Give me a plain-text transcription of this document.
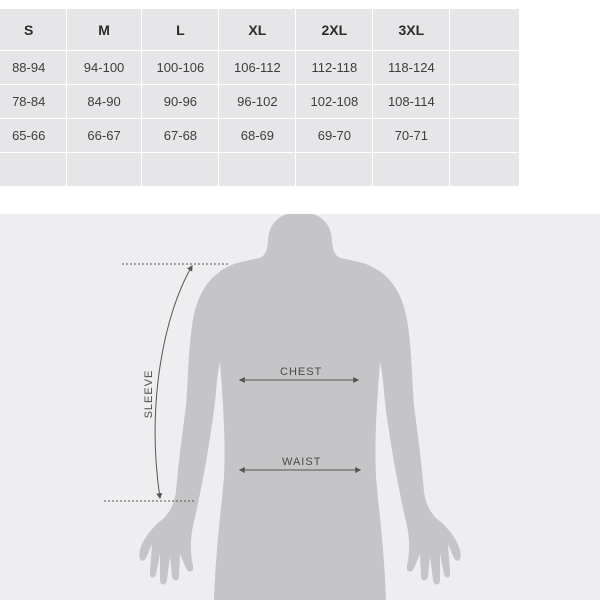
	S	M	L	XL	2XL	3XL	
	88-94	94-100	100-106	106-112	112-118	118-124	
	78-84	84-90	90-96	96-102	102-108	108-114	
	65-66	66-67	67-68	68-69	69-70	70-71	

CHEST
WAIST
SLEEVE
